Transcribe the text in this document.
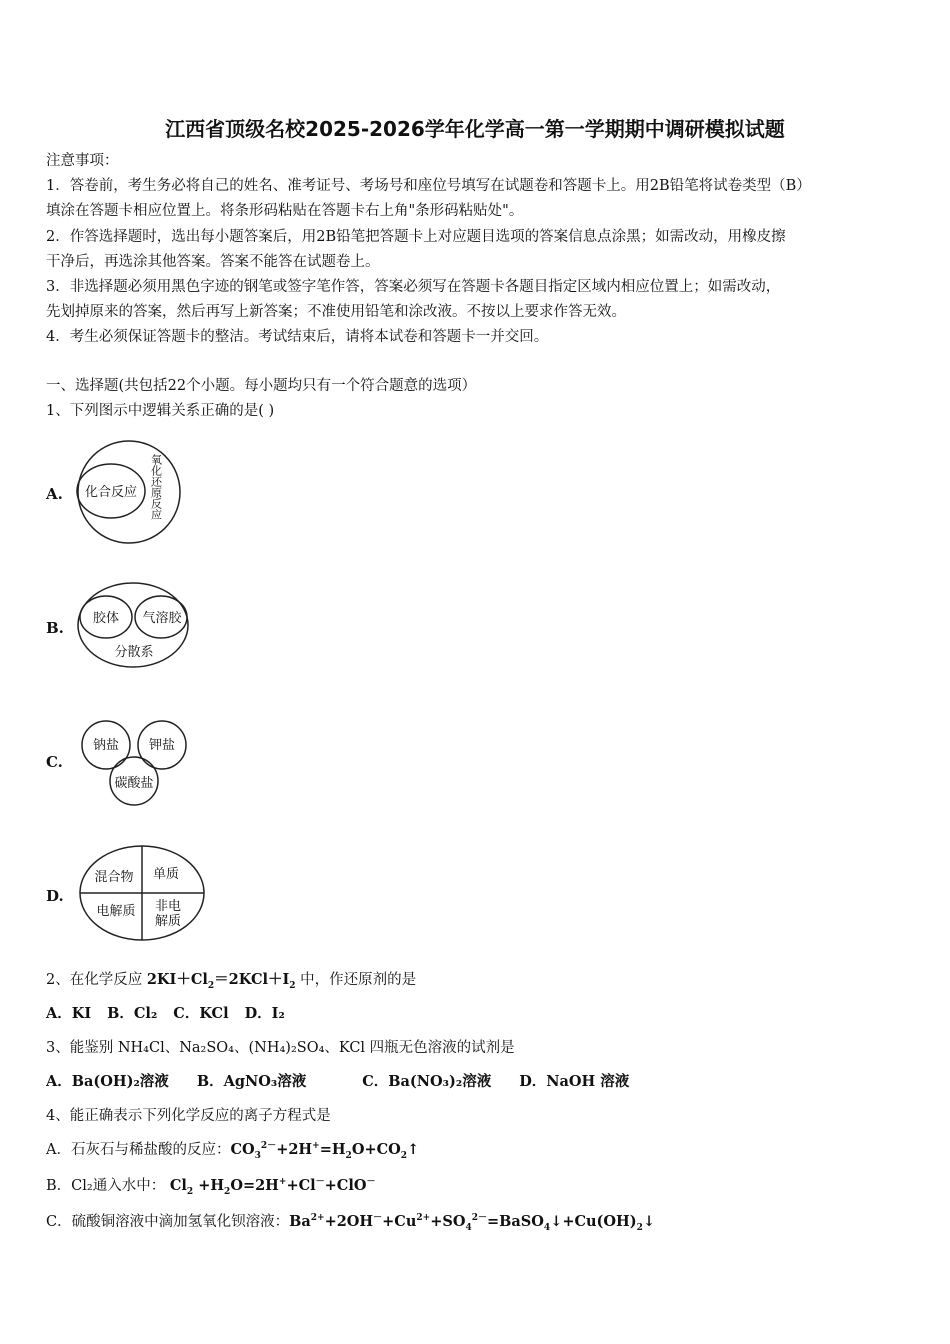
江西省顶级名校2025-2026学年化学高一第一学期期中调研模拟试题
注意事项：
1．答卷前，考生务必将自己的姓名、准考证号、考场号和座位号填写在试题卷和答题卡上。用2B铅笔将试卷类型（B）
填涂在答题卡相应位置上。将条形码粘贴在答题卡右上角"条形码粘贴处"。
2．作答选择题时，选出每小题答案后，用2B铅笔把答题卡上对应题目选项的答案信息点涂黑；如需改动，用橡皮擦
干净后，再选涂其他答案。答案不能答在试题卷上。
3．非选择题必须用黑色字迹的钢笔或签字笔作答，答案必须写在答题卡各题目指定区域内相应位置上；如需改动，
先划掉原来的答案，然后再写上新答案；不准使用铅笔和涂改液。不按以上要求作答无效。
4．考生必须保证答题卡的整洁。考试结束后，请将本试卷和答题卡一并交回。
一、选择题(共包括22个小题。每小题均只有一个符合题意的选项）
1、下列图示中逻辑关系正确的是( )
A. 化合反应 氧化还原反应
B.
胶体 气溶胶
分散系
C.
钠盐 钾盐
碳酸盐
D.
混合物 单质
电解质 非电
解质
2、在化学反应 $2KI+Cl_2=2KCl+I_2$ 中，作还原剂的是
A．KI B．Cl₂ C．KCl D．I₂
3、能鉴别 NH₄Cl、Na₂SO₄、(NH₄)₂SO₄、KCl 四瓶无色溶液的试剂是
A．Ba(OH)₂溶液 B．AgNO₃溶液	C．Ba(NO₃)₂溶液 D．NaOH 溶液
4、能正确表示下列化学反应的离子方程式是
A．石灰石与稀盐酸的反应：$CO_3^{2-}+2H^+=H_2O+CO_2↑$
B．Cl₂通入水中： $Cl_2 +H_2O=2H^++Cl^-+ClO^-$
C．硫酸铜溶液中滴加氢氧化钡溶液：$Ba^{2+}+2OH^-+Cu^{2+}+SO_4^{2-}=BaSO_4↓+Cu(OH)_2↓$
